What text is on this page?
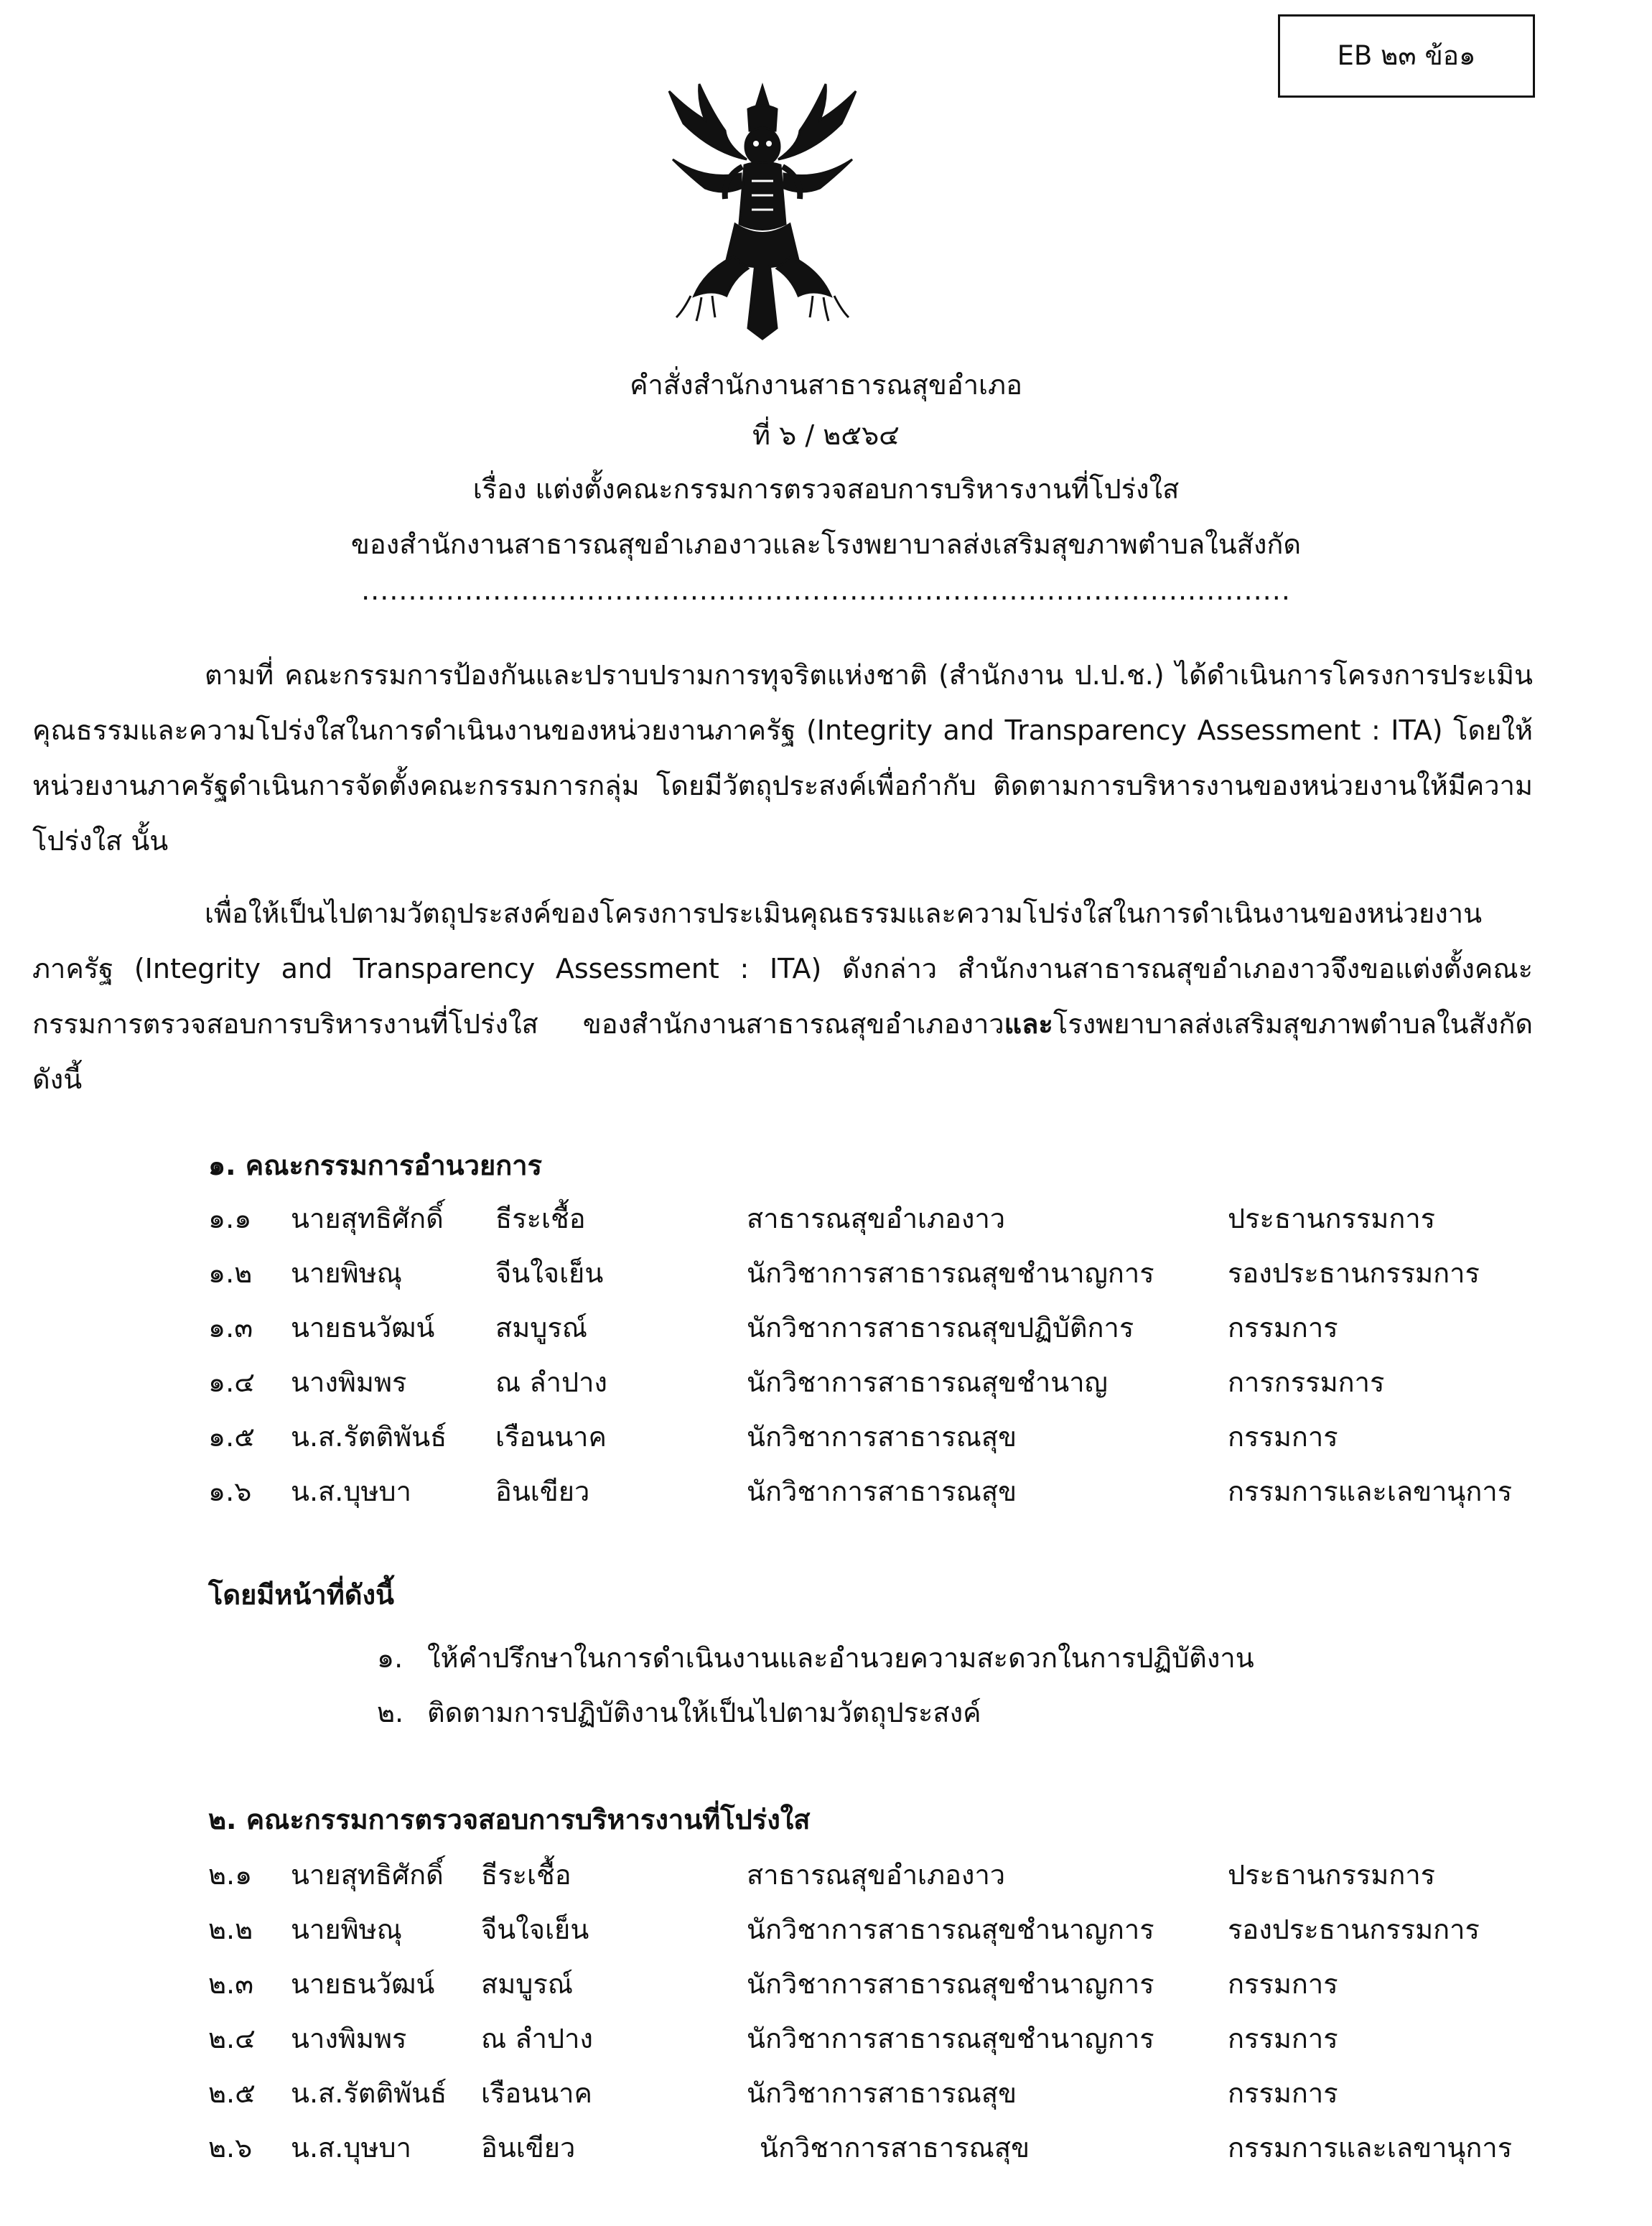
EB ๒๓ ข้อ๑
คำสั่งสำนักงานสาธารณสุขอำเภอ
ที่ ๖ / ๒๕๖๔
เรื่อง แต่งตั้งคณะกรรมการตรวจสอบการบริหารงานที่โปร่งใส
ของสำนักงานสาธารณสุขอำเภองาวและโรงพยาบาลส่งเสริมสุขภาพตำบลในสังกัด
...................................................................................................

ตามที่ คณะกรรมการป้องกันและปราบปรามการทุจริตแห่งชาติ (สำนักงาน ป.ป.ช.) ได้ดำเนินการโครงการประเมินคุณธรรมและความโปร่งใสในการดำเนินงานของหน่วยงานภาครัฐ (Integrity and Transparency Assessment : ITA) โดยให้หน่วยงานภาครัฐดำเนินการจัดตั้งคณะกรรมการกลุ่ม โดยมีวัตถุประสงค์เพื่อกำกับ ติดตามการบริหารงานของหน่วยงานให้มีความโปร่งใส นั้น

เพื่อให้เป็นไปตามวัตถุประสงค์ของโครงการประเมินคุณธรรมและความโปร่งใสในการดำเนินงานของหน่วยงานภาครัฐ (Integrity and Transparency Assessment : ITA) ดังกล่าว สำนักงานสาธารณสุขอำเภองาวจึงขอแต่งตั้งคณะกรรมการตรวจสอบการบริหารงานที่โปร่งใส ของสำนักงานสาธารณสุขอำเภองาวและโรงพยาบาลส่งเสริมสุขภาพตำบลในสังกัด ดังนี้

๑. คณะกรรมการอำนวยการ
๑.๑ นายสุทธิศักดิ์ ธีระเชื้อ	สาธารณสุขอำเภองาว	ประธานกรรมการ
๑.๒ นายพิษณุ	จีนใจเย็น	นักวิชาการสาธารณสุขชำนาญการ	รองประธานกรรมการ
๑.๓ นายธนวัฒน์ สมบูรณ์	นักวิชาการสาธารณสุขปฏิบัติการ	กรรมการ
๑.๔ นางพิมพร	ณ ลำปาง	นักวิชาการสาธารณสุขชำนาญ	การกรรมการ
๑.๕ น.ส.รัตติพันธ์ เรือนนาค	นักวิชาการสาธารณสุข	กรรมการ
๑.๖ น.ส.บุษบา	อินเขียว	นักวิชาการสาธารณสุข	กรรมการและเลขานุการ
โดยมีหน้าที่ดังนี้
๑. ให้คำปรึกษาในการดำเนินงานและอำนวยความสะดวกในการปฏิบัติงาน
๒. ติดตามการปฏิบัติงานให้เป็นไปตามวัตถุประสงค์
๒. คณะกรรมการตรวจสอบการบริหารงานที่โปร่งใส
๒.๑ นายสุทธิศักดิ์ ธีระเชื้อ	สาธารณสุขอำเภองาว	ประธานกรรมการ
๒.๒ นายพิษณุ	จีนใจเย็น	นักวิชาการสาธารณสุขชำนาญการ	รองประธานกรรมการ
๒.๓ นายธนวัฒน์ สมบูรณ์	นักวิชาการสาธารณสุขชำนาญการ	กรรมการ
๒.๔ นางพิมพร	ณ ลำปาง	นักวิชาการสาธารณสุขชำนาญการ	กรรมการ
๒.๕ น.ส.รัตติพันธ์ เรือนนาค	นักวิชาการสาธารณสุข	กรรมการ
๒.๖ น.ส.บุษบา	อินเขียว	นักวิชาการสาธารณสุข	กรรมการและเลขานุการ
